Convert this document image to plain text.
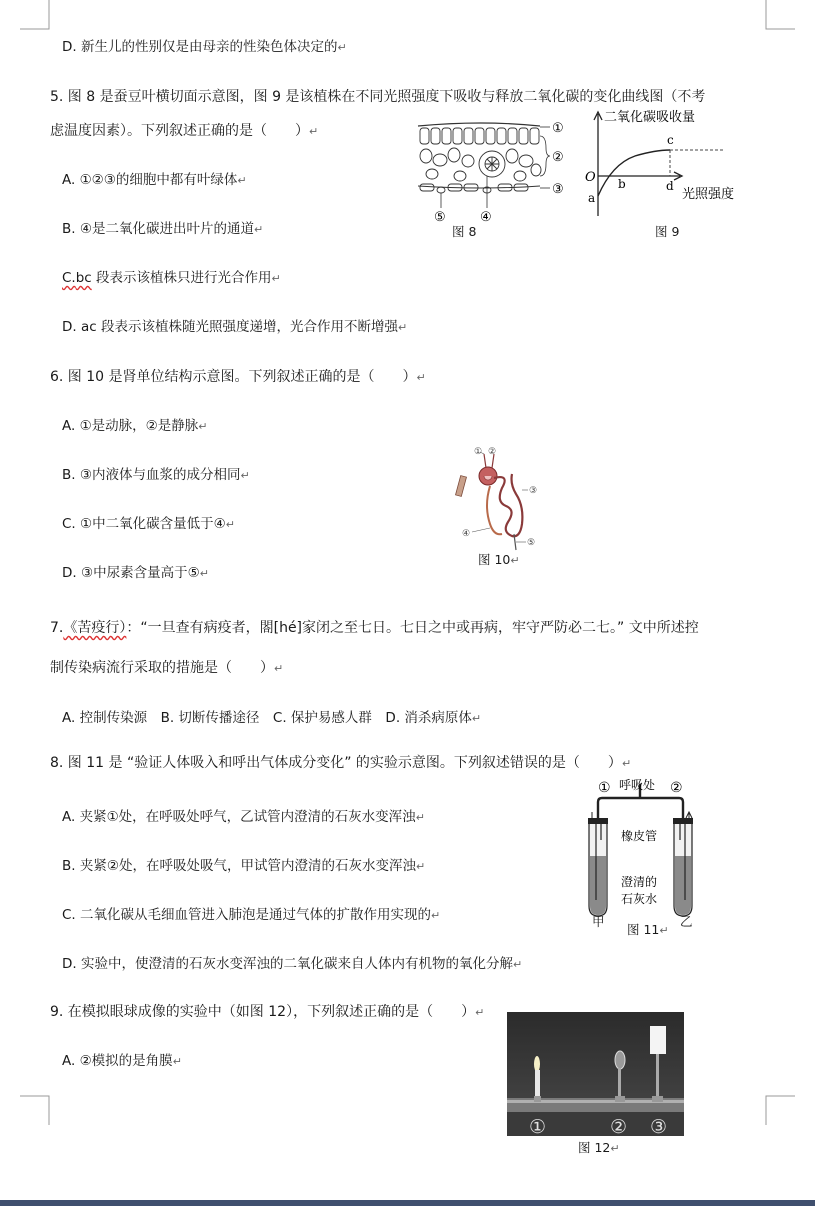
D. 新生儿的性别仅是由母亲的性染色体决定的↵
5. 图 8 是蚕豆叶横切面示意图，图 9 是该植株在不同光照强度下吸收与释放二氧化碳的变化曲线图（不考
虑温度因素）。下列叙述正确的是（　　）↵
A. ①②③的细胞中都有叶绿体↵
B. ④是二氧化碳进出叶片的通道↵
C.bc 段表示该植株只进行光合作用↵
D. ac 段表示该植株随光照强度递增，光合作用不断增强↵
①
②
③
④
⑤
图 8
二氧化碳吸收量
光照强度
O
a
b
c
d
图 9
6. 图 10 是肾单位结构示意图。下列叙述正确的是（　　）↵
A. ①是动脉，②是静脉↵
B. ③内液体与血浆的成分相同↵
C. ①中二氧化碳含量低于④↵
D. ③中尿素含量高于⑤↵
① ②
③
④
⑤
图 10↵
7.《苦疫行）：“一旦查有病疫者，閤[hé]家闭之至七日。七日之中或再病，牢守严防必二七。” 文中所述控
制传染病流行采取的措施是（　　）↵
A. 控制传染源　B. 切断传播途径　C. 保护易感人群　D. 消杀病原体↵
8. 图 11 是 “验证人体吸入和呼出气体成分变化” 的实验示意图。下列叙述错误的是（　　）↵
A. 夹紧①处，在呼吸处呼气，乙试管内澄清的石灰水变浑浊↵
B. 夹紧②处，在呼吸处吸气，甲试管内澄清的石灰水变浑浊↵
C. 二氧化碳从毛细血管进入肺泡是通过气体的扩散作用实现的↵
D. 实验中，使澄清的石灰水变浑浊的二氧化碳来自人体内有机物的氧化分解↵
呼吸处
①	②
橡皮管
澄清的
石灰水
甲
图 11↵
乙
9. 在模拟眼球成像的实验中（如图 12），下列叙述正确的是（　　）↵
A. ②模拟的是角膜↵
①	② ③
图 12↵
